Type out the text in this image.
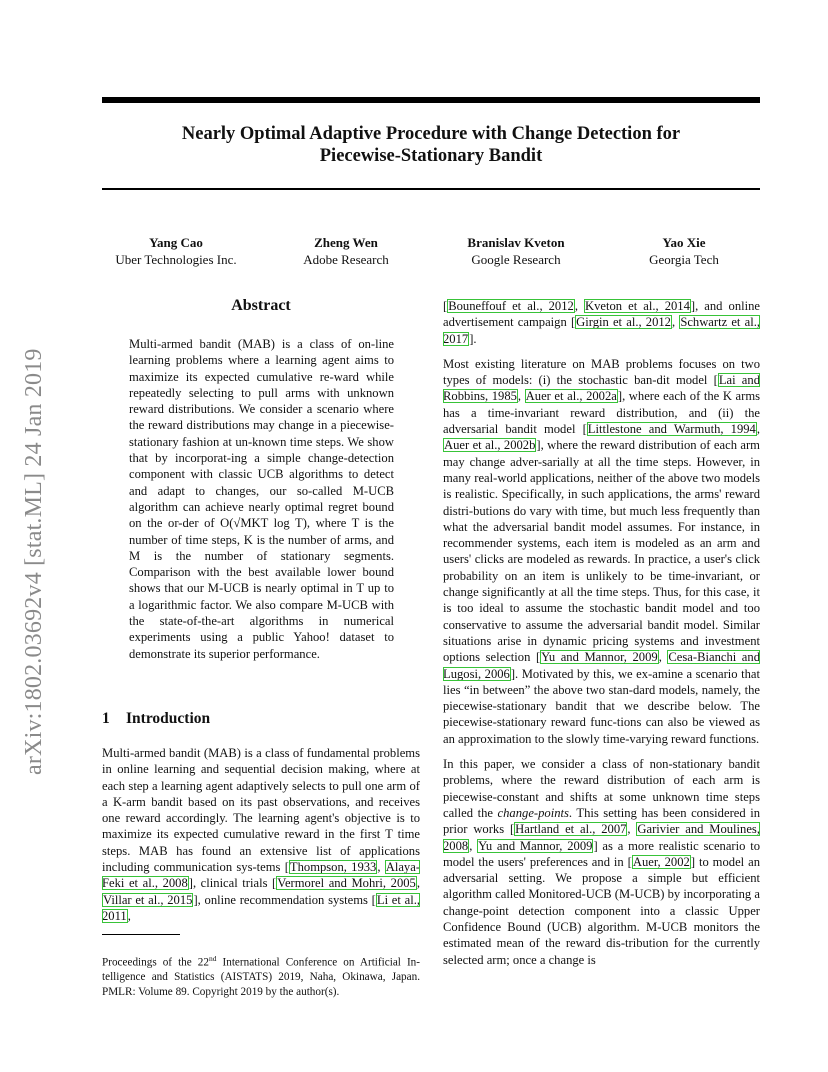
Nearly Optimal Adaptive Procedure with Change Detection for
Piecewise-Stationary Bandit
arXiv:1802.03692v4 [stat.ML] 24 Jan 2019
Yang Cao
Uber Technologies Inc.
Zheng Wen
Adobe Research
Branislav Kveton
Google Research
Yao Xie
Georgia Tech
Abstract
Multi-armed bandit (MAB) is a class of on-line learning problems where a learning agent aims to maximize its expected cumulative re-ward while repeatedly selecting to pull arms with unknown reward distributions. We consider a scenario where the reward distributions may change in a piecewise-stationary fashion at un-known time steps. We show that by incorporat-ing a simple change-detection component with classic UCB algorithms to detect and adapt to changes, our so-called M-UCB algorithm can achieve nearly optimal regret bound on the or-der of O(√MKT log T), where T is the number of time steps, K is the number of arms, and M is the number of stationary segments. Comparison with the best available lower bound shows that our M-UCB is nearly optimal in T up to a logarithmic factor. We also compare M-UCB with the state-of-the-art algorithms in numerical experiments using a public Yahoo! dataset to demonstrate its superior performance.
1 Introduction

Multi-armed bandit (MAB) is a class of fundamental problems in online learning and sequential decision making, where at each step a learning agent adaptively selects to pull one arm of a K-arm bandit based on its past observations, and receives one reward accordingly. The learning agent's objective is to maximize its expected cumulative reward in the first T time steps. MAB has found an extensive list of applications including communication sys-tems [Thompson, 1933, Alaya-Feki et al., 2008], clinical trials [Vermorel and Mohri, 2005, Villar et al., 2015], online recommendation systems [Li et al., 2011,

Proceedings of the 22nd International Conference on Artificial In-telligence and Statistics (AISTATS) 2019, Naha, Okinawa, Japan. PMLR: Volume 89. Copyright 2019 by the author(s).

[Bouneffouf et al., 2012, Kveton et al., 2014], and online advertisement campaign [Girgin et al., 2012, Schwartz et al., 2017].

Most existing literature on MAB problems focuses on two types of models: (i) the stochastic ban-dit model [Lai and Robbins, 1985, Auer et al., 2002a], where each of the K arms has a time-invariant reward distribution, and (ii) the adversarial bandit model [Littlestone and Warmuth, 1994, Auer et al., 2002b], where the reward distribution of each arm may change adver-sarially at all the time steps. However, in many real-world applications, neither of the above two models is realistic. Specifically, in such applications, the arms' reward distri-butions do vary with time, but much less frequently than what the adversarial bandit model assumes. For instance, in recommender systems, each item is modeled as an arm and users' clicks are modeled as rewards. In practice, a user's click probability on an item is unlikely to be time-invariant, or change significantly at all the time steps. Thus, for this case, it is too ideal to assume the stochastic bandit model and too conservative to assume the adversarial bandit model. Similar situations arise in dynamic pricing systems and investment options selection [Yu and Mannor, 2009, Cesa-Bianchi and Lugosi, 2006]. Motivated by this, we ex-amine a scenario that lies “in between” the above two stan-dard models, namely, the piecewise-stationary bandit that we describe below. The piecewise-stationary reward func-tions can also be viewed as an approximation to the slowly time-varying reward functions.

In this paper, we consider a class of non-stationary bandit problems, where the reward distribution of each arm is piecewise-constant and shifts at some unknown time steps called the change-points. This setting has been considered in prior works [Hartland et al., 2007, Garivier and Moulines, 2008, Yu and Mannor, 2009] as a more realistic scenario to model the users' preferences and in [Auer, 2002] to model an adversarial setting. We propose a simple but efficient algorithm called Monitored-UCB (M-UCB) by incorporating a change-point detection component into a classic Upper Confidence Bound (UCB) algorithm. M-UCB monitors the estimated mean of the reward dis-tribution for the currently selected arm; once a change is
